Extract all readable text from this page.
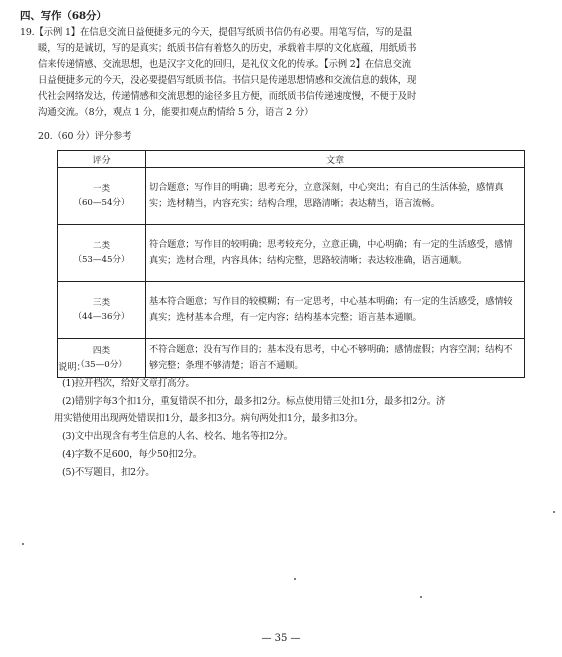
四、写作（68分）
19.【示例 1】在信息交流日益便捷多元的今天，提倡写纸质书信仍有必要。用笔写信，写的是温
暖，写的是诚切，写的是真实；纸质书信有着悠久的历史，承载着丰厚的文化底蕴，用纸质书
信来传递情感、交流思想，也是汉字文化的回归，是礼仪文化的传承。【示例 2】在信息交流
日益便捷多元的今天，没必要提倡写纸质书信。书信只是传递思想情感和交流信息的载体，现
代社会网络发达，传递情感和交流思想的途径多且方便，而纸质书信传递速度慢，不便于及时
沟通交流。（8分，观点 1 分，能要扣观点酌情给 5 分，语言 2 分）
20.（60 分）评分参考
评分	文章

一类
（60—54分）	切合题意；写作目的明确；思考充分，立意深刻，中心突出；有自己的生活体验，感情真实；选材精当，内容充实；结构合理，思路清晰；表达精当，语言流畅。

二类
（53—45分）	符合题意；写作目的较明确；思考较充分，立意正确，中心明确；有一定的生活感受，感情真实；选材合理，内容具体；结构完整，思路较清晰；表达较准确，语言通顺。

三类
（44—36分）	基本符合题意；写作目的较模糊；有一定思考，中心基本明确；有一定的生活感受，感情较真实；选材基本合理，有一定内容；结构基本完整；语言基本通顺。

四类
（35—0分）	不符合题意；没有写作目的；基本没有思考，中心不够明确；感情虚假；内容空洞；结构不够完整；条理不够清楚；语言不通顺。
说明：
(1)拉开档次，给好文章打高分。
(2)错别字每3个扣1分，重复错误不扣分，最多扣2分。标点使用错三处扣1分，最多扣2分。济
用实错使用出现两处错误扣1分，最多扣3分。病句两处扣1分，最多扣3分。
(3)文中出现含有考生信息的人名、校名、地名等扣2分。
(4)字数不足600，每少50扣2分。
(5)不写题目，扣2分。
— 35 —
